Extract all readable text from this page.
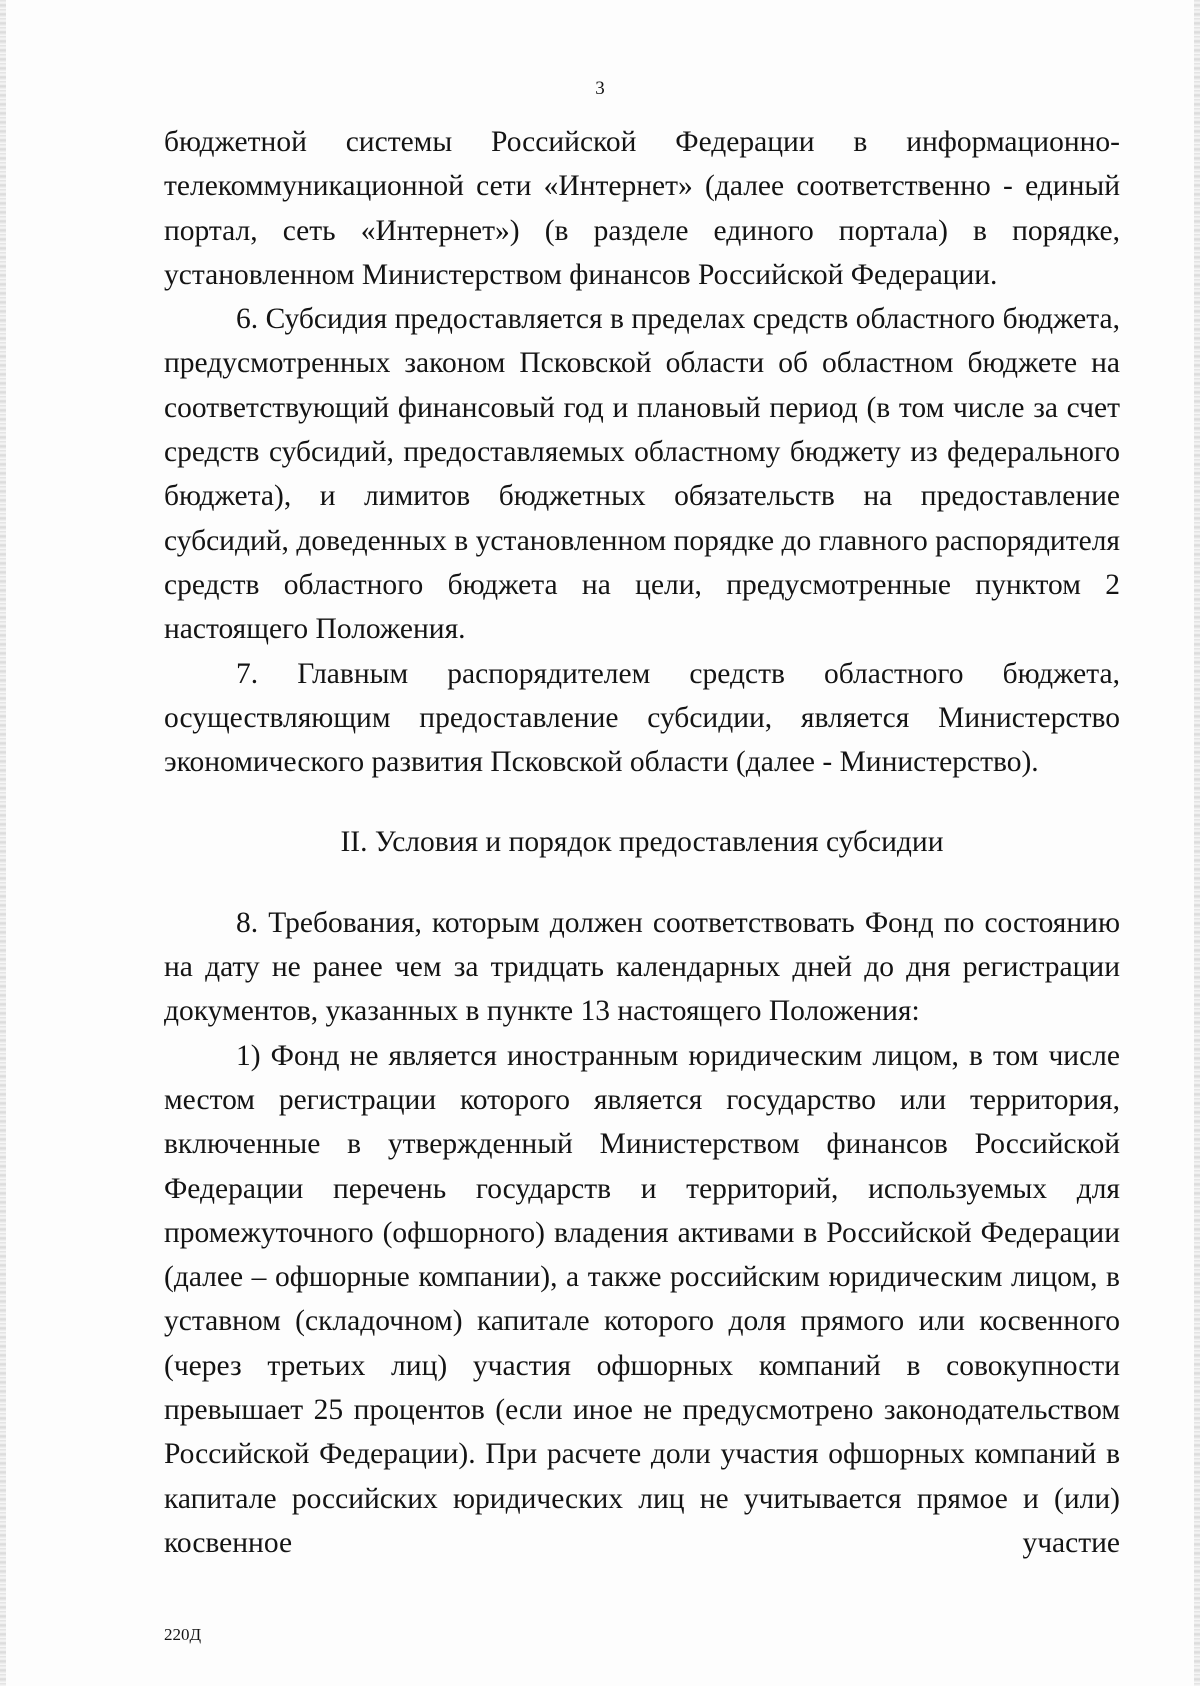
3

бюджетной системы Российской Федерации в информационно-телекоммуникационной сети «Интернет» (далее соответственно - единый портал, сеть «Интернет») (в разделе единого портала) в порядке, установленном Министерством финансов Российской Федерации.

6. Субсидия предоставляется в пределах средств областного бюджета, предусмотренных законом Псковской области об областном бюджете на соответствующий финансовый год и плановый период (в том числе за счет средств субсидий, предоставляемых областному бюджету из федерального бюджета), и лимитов бюджетных обязательств на предоставление субсидий, доведенных в установленном порядке до главного распорядителя средств областного бюджета на цели, предусмотренные пунктом 2 настоящего Положения.

7. Главным распорядителем средств областного бюджета, осуществляющим предоставление субсидии, является Министерство экономического развития Псковской области (далее - Министерство).

II. Условия и порядок предоставления субсидии

8. Требования, которым должен соответствовать Фонд по состоянию на дату не ранее чем за тридцать календарных дней до дня регистрации документов, указанных в пункте 13 настоящего Положения:

1) Фонд не является иностранным юридическим лицом, в том числе местом регистрации которого является государство или территория, включенные в утвержденный Министерством финансов Российской Федерации перечень государств и территорий, используемых для промежуточного (офшорного) владения активами в Российской Федерации (далее – офшорные компании), а также российским юридическим лицом, в уставном (складочном) капитале которого доля прямого или косвенного (через третьих лиц) участия офшорных компаний в совокупности превышает 25 процентов (если иное не предусмотрено законодательством Российской Федерации). При расчете доли участия офшорных компаний в капитале российских юридических лиц не учитывается прямое и (или) косвенное участие

220Д
